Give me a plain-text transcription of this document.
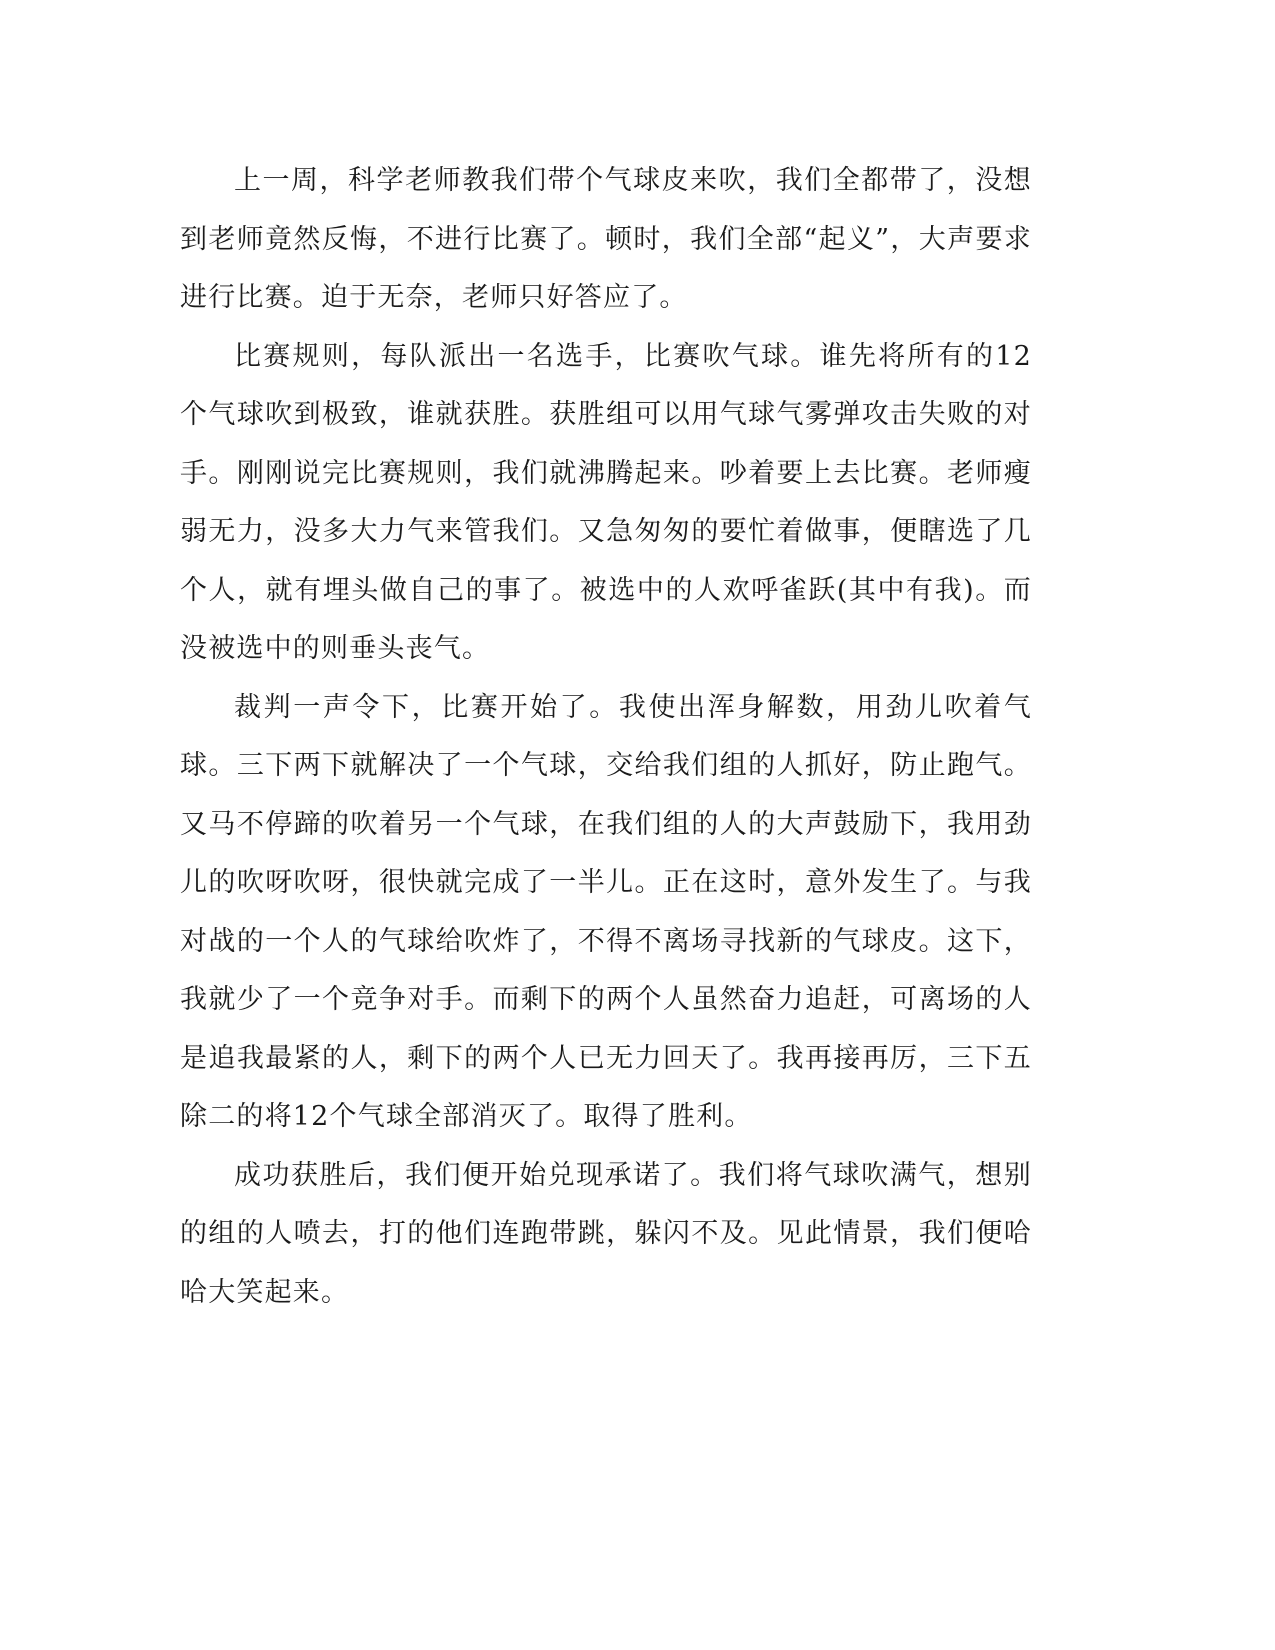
上一周，科学老师教我们带个气球皮来吹，我们全都带了，没想到老师竟然反悔，不进行比赛了。顿时，我们全部“起义”，大声要求进行比赛。迫于无奈，老师只好答应了。

比赛规则，每队派出一名选手，比赛吹气球。谁先将所有的12个气球吹到极致，谁就获胜。获胜组可以用气球气雾弹攻击失败的对手。刚刚说完比赛规则，我们就沸腾起来。吵着要上去比赛。老师瘦弱无力，没多大力气来管我们。又急匆匆的要忙着做事，便瞎选了几个人，就有埋头做自己的事了。被选中的人欢呼雀跃(其中有我)。而没被选中的则垂头丧气。

裁判一声令下，比赛开始了。我使出浑身解数，用劲儿吹着气球。三下两下就解决了一个气球，交给我们组的人抓好，防止跑气。又马不停蹄的吹着另一个气球，在我们组的人的大声鼓励下，我用劲儿的吹呀吹呀，很快就完成了一半儿。正在这时，意外发生了。与我对战的一个人的气球给吹炸了，不得不离场寻找新的气球皮。这下，我就少了一个竞争对手。而剩下的两个人虽然奋力追赶，可离场的人是追我最紧的人，剩下的两个人已无力回天了。我再接再厉，三下五除二的将12个气球全部消灭了。取得了胜利。

成功获胜后，我们便开始兑现承诺了。我们将气球吹满气，想别的组的人喷去，打的他们连跑带跳，躲闪不及。见此情景，我们便哈哈大笑起来。
